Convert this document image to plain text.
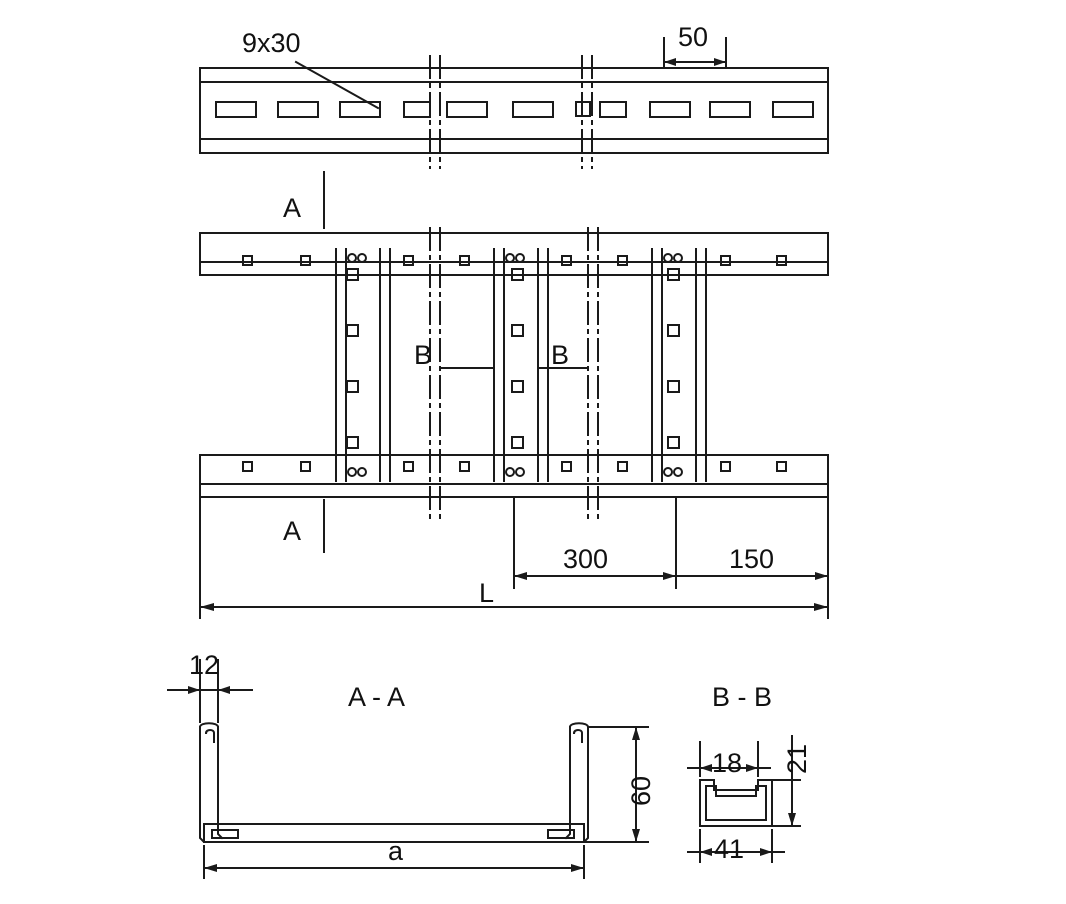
9x30	50
A
A
B	B
300	150
L
12
A - A
60
a
B - B
18 21
41
